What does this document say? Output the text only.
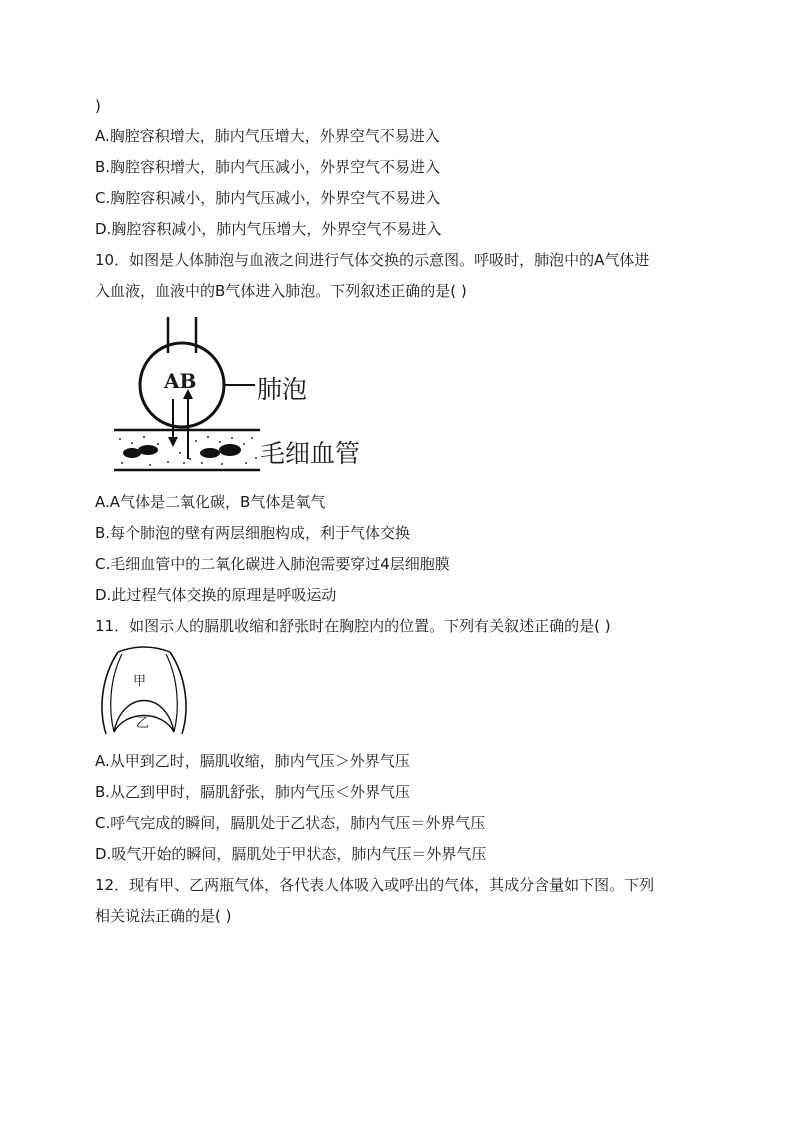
)
A.胸腔容积增大，肺内气压增大，外界空气不易进入
B.胸腔容积增大，肺内气压减小，外界空气不易进入
C.胸腔容积减小，肺内气压减小，外界空气不易进入
D.胸腔容积减小，肺内气压增大，外界空气不易进入
10．如图是人体肺泡与血液之间进行气体交换的示意图。呼吸时，肺泡中的A气体进
入血液，血液中的B气体进入肺泡。下列叙述正确的是( )
AB 肺泡
毛细血管
A.A气体是二氧化碳，B气体是氧气
B.每个肺泡的壁有两层细胞构成，利于气体交换
C.毛细血管中的二氧化碳进入肺泡需要穿过4层细胞膜
D.此过程气体交换的原理是呼吸运动
11．如图示人的膈肌收缩和舒张时在胸腔内的位置。下列有关叙述正确的是( )
甲
乙
A.从甲到乙时，膈肌收缩，肺内气压＞外界气压
B.从乙到甲时，膈肌舒张，肺内气压＜外界气压
C.呼气完成的瞬间，膈肌处于乙状态，肺内气压＝外界气压
D.吸气开始的瞬间，膈肌处于甲状态，肺内气压＝外界气压
12．现有甲、乙两瓶气体，各代表人体吸入或呼出的气体，其成分含量如下图。下列
相关说法正确的是( )
